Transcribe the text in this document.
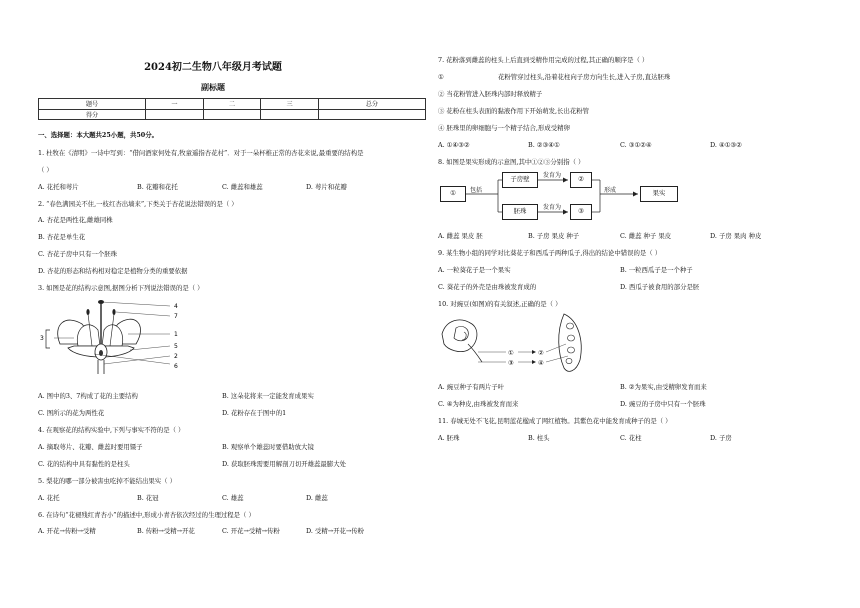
2024初二生物八年级月考试题
副标题
题号	一	二	三	总分
得分				
一、选择题：本大题共25小题，共50分。
1. 杜牧在《清明》一诗中写到：“借问酒家何处有,牧童遥指杏花村”．对于一朵杯椎正常的杏花来说,最重要的结构是
（ ）
A. 花托和萼片	B. 花瓣和花托	C. 雌蕊和雄蕊	D. 萼片和花瓣
2. “春色满园关不住,一枝红杏出墙来”,下类关于杏花说法错误的是（ ）
A. 杏花是两性花,雌雄同株
B. 杏花是单生花
C. 杏花子房中只有一个胚珠
D. 杏花的形态和结构相对稳定是植物分类的重要依据
3. 如图是花的结构示意图,据图分析下列说法错误的是（ ）
3
4
7
1
5
2
6
A. 图中的3、7构成了花的主要结构	B. 这朵花将来一定能发育成果实
C. 图所示的花为两性花	D. 花粉存在于图中的1
4. 在观察花的结构实验中,下列与事实不符的是（ ）
A. 摘取萼片、花瓣、雌蕊时要用镊子	B. 观察单个雄蕊时要借助放大镜
C. 花的结构中具有黏性的是柱头	D. 获取胚珠需要用解剖刀切开雄蕊最膨大处
5. 梨花的哪一部分被害虫吃掉不能结出果实（ ）
A. 花托	B. 花冠	C. 雄蕊	D. 雌蕊
6. 在诗句“花褪残红青杏小”的描述中,形成小青杏依次经过的生理过程是（ ）
A. 开花→传粉→受精	B. 传粉→受精→开花	C. 开花→受精→传粉	D. 受精→开花→传粉
7. 花粉落到雌蕊的柱头上后直到受精作用完成的过程,其正确的顺序是（ ）
①	花粉管穿过柱头,沿着花柱向子房方向生长,进入子房,直达胚珠
② 当花粉管进入胚珠内部时释放精子
③ 花粉在柱头表面的黏液作用下开始萌发,长出花粉管
④ 胚珠里的卵细胞与一个精子结合,形成受精卵
A. ①④③②	B. ②③④①	C. ③①②④	D. ④①③②
8. 如图是果实形成的示意图,其中①②③分别指（ ）
①	包括
子房壁
胚珠
发育为
发育为
②
③
形成	果实
A. 雌蕊 果皮 胚	B. 子房 果皮 种子	C. 雌蕊 种子 果皮	D. 子房 果肉 种皮
9. 某生物小组的同学对比葵花子和西瓜子两种瓜子,得出的结论中错误的是（ ）
A. 一粒葵花子是一个果实	B. 一粒西瓜子是一个种子
C. 葵花子的外壳是由珠被发育成的	D. 西瓜子被食用的部分是胚
10. 对豌豆(如图)的有关叙述,正确的是（ ）
①
③
②
④
A. 豌豆种子有两片子叶	B. ②为果实,由受精卵发育而来
C. ④为种皮,由珠被发育而来	D. 豌豆的子房中只有一个胚珠
11. 春城无处不飞花,昆明蓝花楹成了网红植物。其紫色花中能发育成种子的是（ ）
A. 胚珠	B. 柱头	C. 花柱	D. 子房
